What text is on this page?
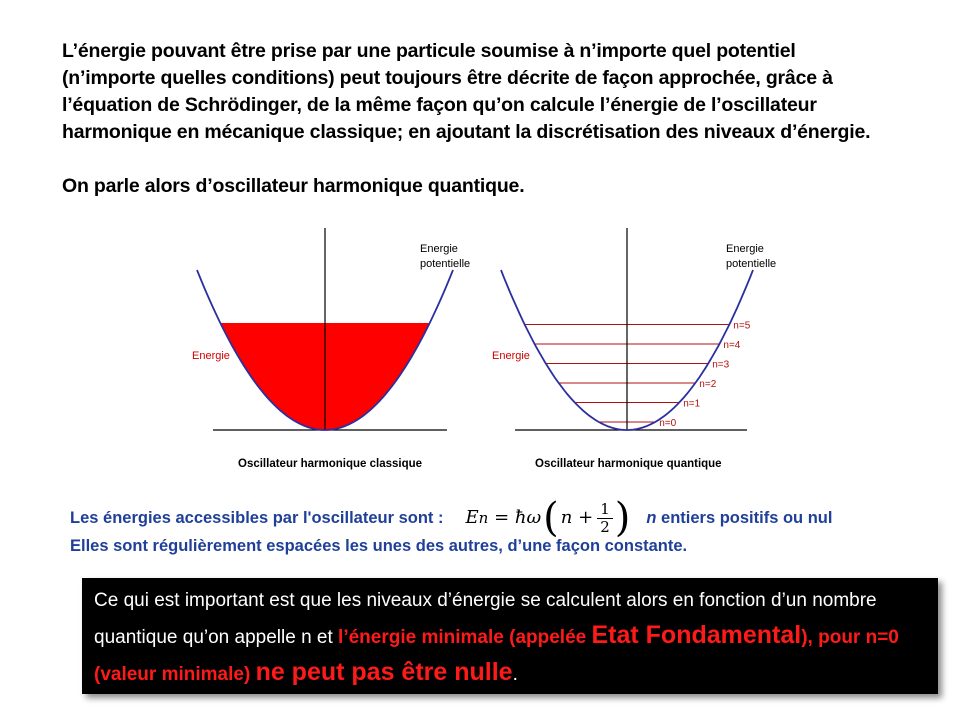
L’énergie pouvant être prise par une particule soumise à n’importe quel potentiel

(n’importe quelles conditions) peut toujours être décrite de façon approchée, grâce à

l’équation de Schrödinger, de la même façon qu’on calcule l’énergie de l’oscillateur

harmonique en mécanique classique; en ajoutant la discrétisation des niveaux d’énergie.

On parle alors d’oscillateur harmonique quantique.

Energie
potentielle
Energie
Oscillateur harmonique classique
n=0
n=1
n=2
n=3
n=4
n=5
Energie
potentielle
Energie
Oscillateur harmonique quantique
Les énergies accessibles par l'oscillateur sont : E n
=
ħω ( $n + \frac{1}{2}$ ) n entiers positifs ou nul
Elles sont régulièrement espacées les unes des autres, d’une façon constante.
Ce qui est important est que les niveaux d’énergie se calculent alors en fonction d’un nombre quantique qu’on appelle n et l’énergie minimale (appelée Etat Fondamental), pour n=0 (valeur minimale) ne peut pas être nulle.
